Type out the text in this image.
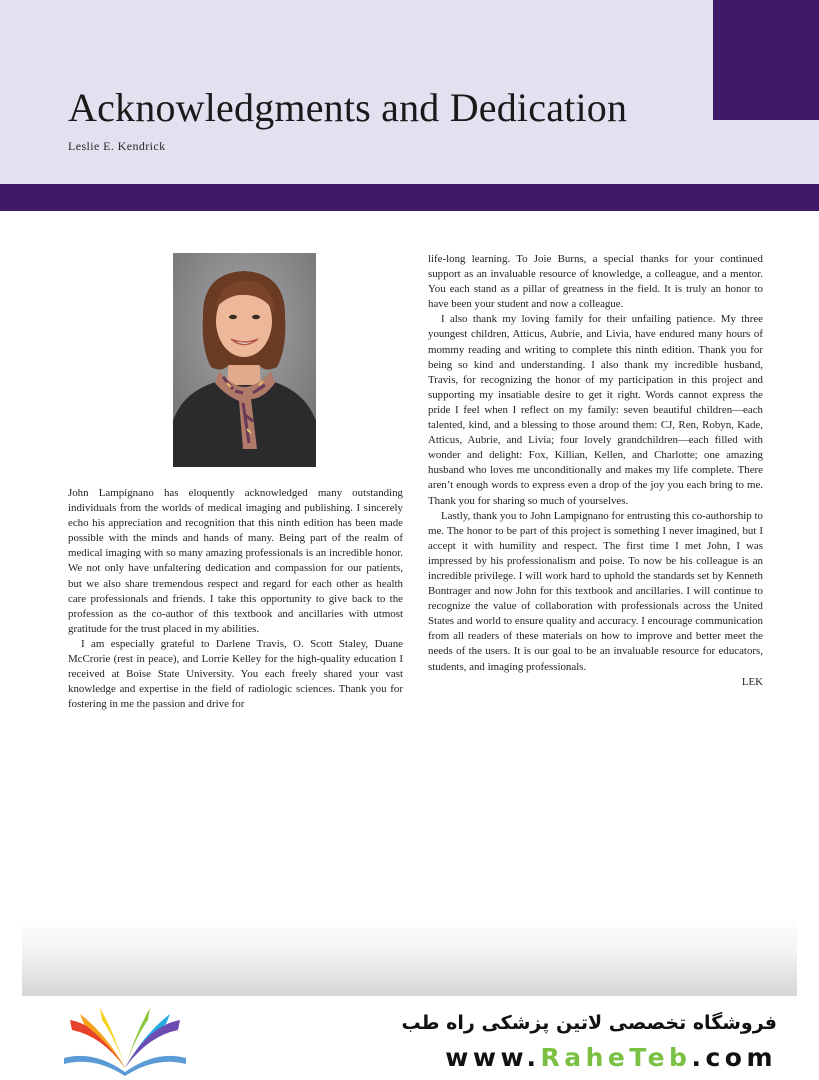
Acknowledgments and Dedication
Leslie E. Kendrick

John Lampignano has eloquently acknowledged many outstanding individuals from the worlds of medical imaging and publishing. I sincerely echo his appreciation and recognition that this ninth edition has been made possible with the minds and hands of many. Being part of the realm of medical imaging with so many amazing professionals is an incredible honor. We not only have unfaltering dedication and compassion for our patients, but we also share tremendous respect and regard for each other as health care professionals and friends. I take this opportunity to give back to the profession as the co-author of this textbook and ancillaries with utmost gratitude for the trust placed in my abilities.

I am especially grateful to Darlene Travis, O. Scott Staley, Duane McCrorie (rest in peace), and Lorrie Kelley for the high-quality education I received at Boise State University. You each freely shared your vast knowledge and expertise in the field of radiologic sciences. Thank you for fostering in me the passion and drive for

life-long learning. To Joie Burns, a special thanks for your continued support as an invaluable resource of knowledge, a colleague, and a mentor. You each stand as a pillar of greatness in the field. It is truly an honor to have been your student and now a colleague.

I also thank my loving family for their unfailing patience. My three youngest children, Atticus, Aubrie, and Livia, have endured many hours of mommy reading and writing to complete this ninth edition. Thank you for being so kind and understanding. I also thank my incredible husband, Travis, for recognizing the honor of my participation in this project and supporting my insatiable desire to get it right. Words cannot express the pride I feel when I reflect on my family: seven beautiful children—each talented, kind, and a blessing to those around them: CJ, Ren, Robyn, Kade, Atticus, Aubrie, and Livia; four lovely grandchildren—each filled with wonder and delight: Fox, Killian, Kellen, and Charlotte; one amazing husband who loves me unconditionally and makes my life complete. There aren’t enough words to express even a drop of the joy you each bring to me. Thank you for sharing so much of yourselves.

Lastly, thank you to John Lampignano for entrusting this co-authorship to me. The honor to be part of this project is something I never imagined, but I accept it with humility and respect. The first time I met John, I was impressed by his professionalism and poise. To now be his colleague is an incredible privilege. I will work hard to uphold the standards set by Kenneth Bontrager and now John for this textbook and ancillaries. I will continue to recognize the value of collaboration with professionals across the United States and world to ensure quality and accuracy. I encourage communication from all readers of these materials on how to improve and better meet the needs of the users. It is our goal to be an invaluable resource for educators, students, and imaging professionals.

LEK

فروشگاه تخصصی لاتین پزشکی راه طب
www.RaheTeb.com
